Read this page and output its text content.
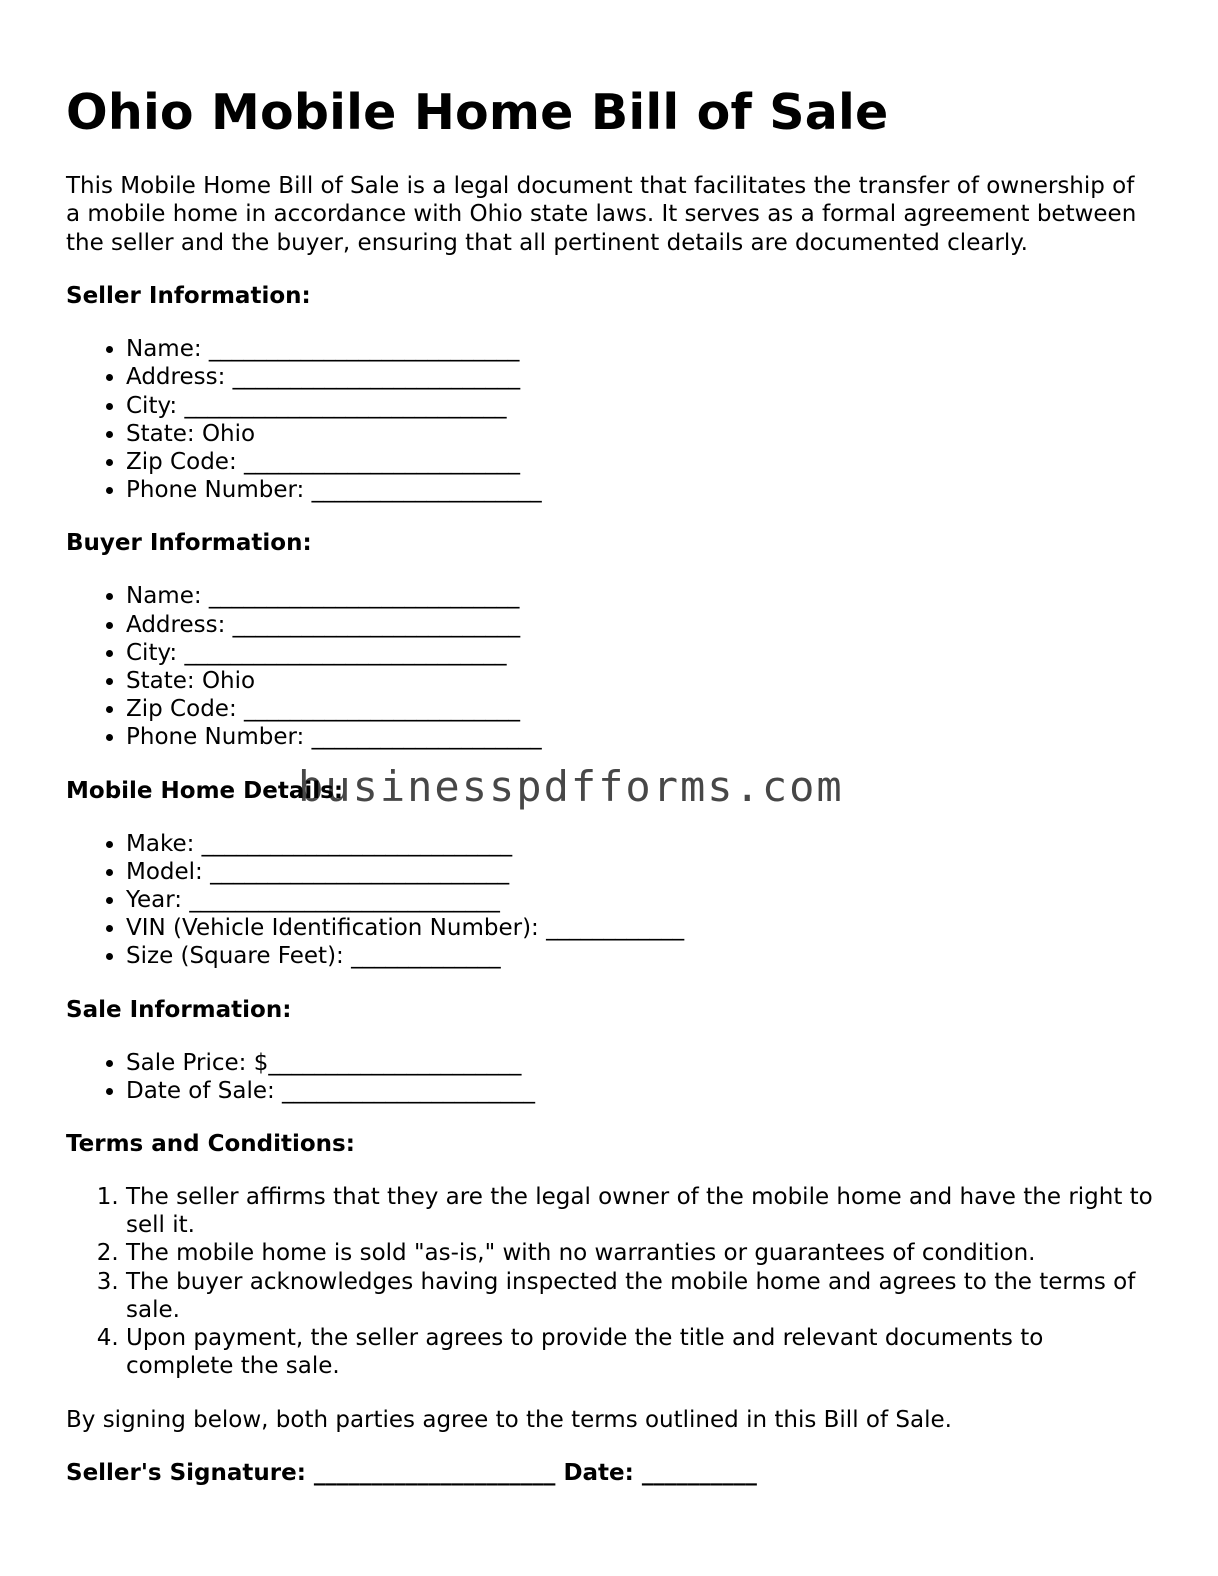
Ohio Mobile Home Bill of Sale

This Mobile Home Bill of Sale is a legal document that facilitates the transfer of ownership of a mobile home in accordance with Ohio state laws. It serves as a formal agreement between the seller and the buyer, ensuring that all pertinent details are documented clearly.

Seller Information:
• Name: ___________________________
• Address: _________________________
• City: ____________________________
• State: Ohio
• Zip Code: ________________________
• Phone Number: ____________________
Buyer Information:
• Name: ___________________________
• Address: _________________________
• City: ____________________________
• State: Ohio
• Zip Code: ________________________
• Phone Number: ____________________
Mobile Home Details:
• Make: ___________________________
• Model: __________________________
• Year: ___________________________
• VIN (Vehicle Identification Number): ____________
• Size (Square Feet): _____________
Sale Information:
• Sale Price: $______________________
• Date of Sale: ______________________
Terms and Conditions:
1. The seller affirms that they are the legal owner of the mobile home and have the right to sell it.
2. The mobile home is sold "as-is," with no warranties or guarantees of condition.
3. The buyer acknowledges having inspected the mobile home and agrees to the terms of sale.
4. Upon payment, the seller agrees to provide the title and relevant documents to complete the sale.

By signing below, both parties agree to the terms outlined in this Bill of Sale.

Seller's Signature: _____________________ Date: __________

businesspdfforms.com
